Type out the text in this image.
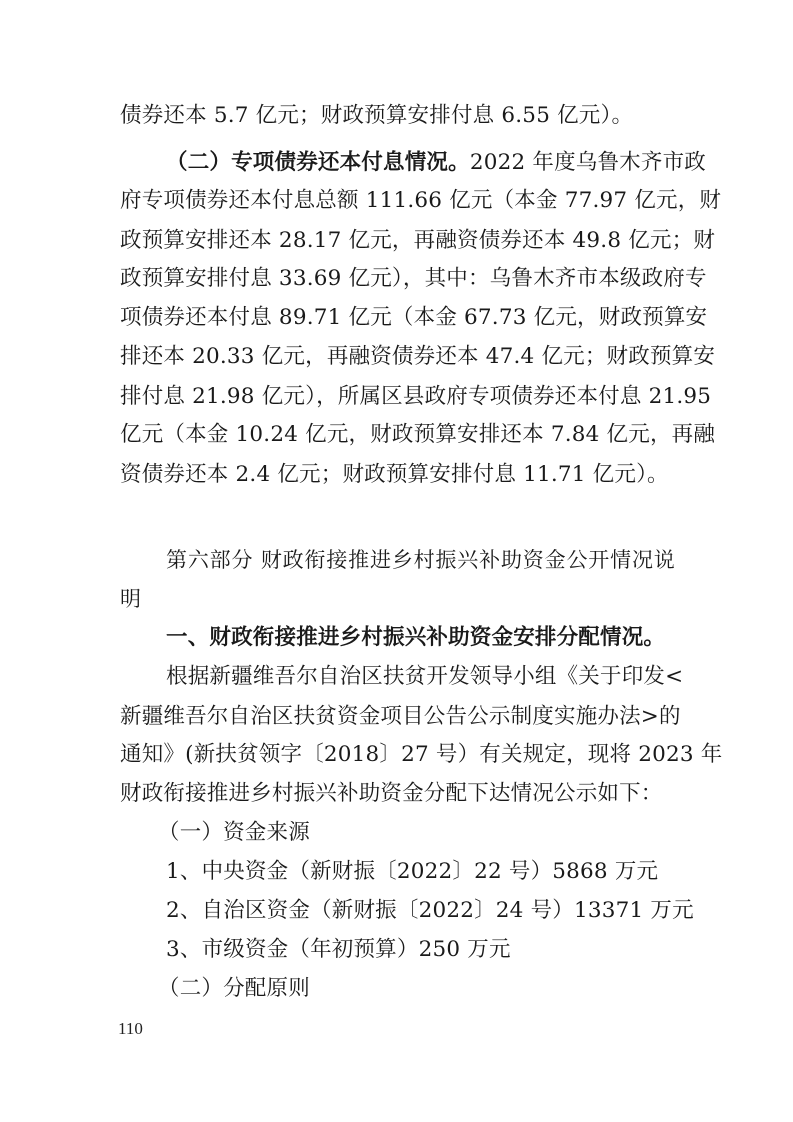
债券还本 5.7 亿元；财政预算安排付息 6.55 亿元）。
（二）专项债券还本付息情况。2022 年度乌鲁木齐市政
府专项债券还本付息总额 111.66 亿元（本金 77.97 亿元，财
政预算安排还本 28.17 亿元，再融资债券还本 49.8 亿元；财
政预算安排付息 33.69 亿元），其中：乌鲁木齐市本级政府专
项债券还本付息 89.71 亿元（本金 67.73 亿元，财政预算安
排还本 20.33 亿元，再融资债券还本 47.4 亿元；财政预算安
排付息 21.98 亿元），所属区县政府专项债券还本付息 21.95
亿元（本金 10.24 亿元，财政预算安排还本 7.84 亿元，再融
资债券还本 2.4 亿元；财政预算安排付息 11.71 亿元）。
第六部分 财政衔接推进乡村振兴补助资金公开情况说
明
一、财政衔接推进乡村振兴补助资金安排分配情况。
根据新疆维吾尔自治区扶贫开发领导小组《关于印发<
新疆维吾尔自治区扶贫资金项目公告公示制度实施办法>的
通知》(新扶贫领字〔2018〕27 号）有关规定，现将 2023 年
财政衔接推进乡村振兴补助资金分配下达情况公示如下：
（一）资金来源
1、中央资金（新财振〔2022〕22 号）5868 万元
2、自治区资金（新财振〔2022〕24 号）13371 万元
3、市级资金（年初预算）250 万元
（二）分配原则
110
